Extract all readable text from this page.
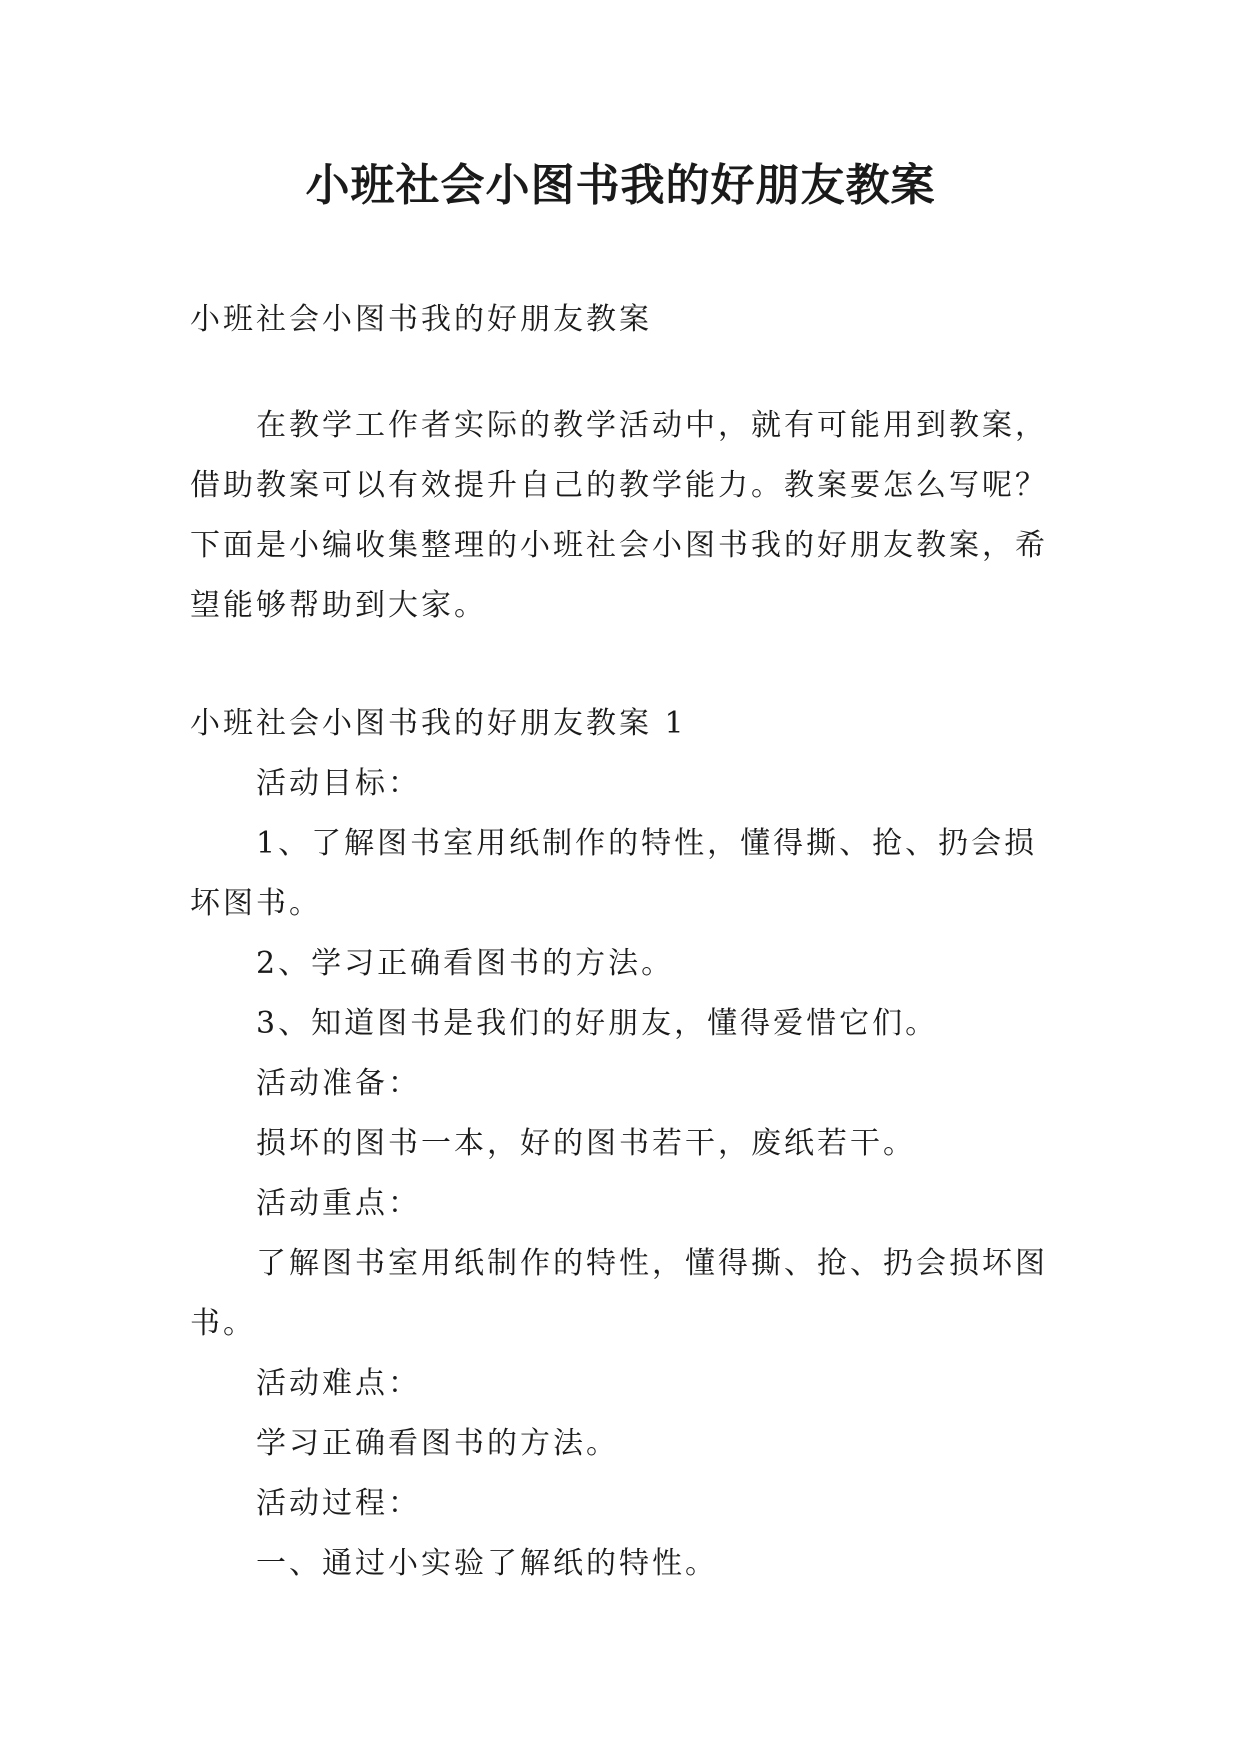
小班社会小图书我的好朋友教案

小班社会小图书我的好朋友教案

在教学工作者实际的教学活动中，就有可能用到教案，借助教案可以有效提升自己的教学能力。教案要怎么写呢？下面是小编收集整理的小班社会小图书我的好朋友教案，希望能够帮助到大家。

小班社会小图书我的好朋友教案 1

活动目标：

1、了解图书室用纸制作的特性，懂得撕、抢、扔会损坏图书。

2、学习正确看图书的方法。

3、知道图书是我们的好朋友，懂得爱惜它们。

活动准备：

损坏的图书一本，好的图书若干，废纸若干。

活动重点：

了解图书室用纸制作的特性，懂得撕、抢、扔会损坏图书。

活动难点：

学习正确看图书的方法。

活动过程：

一、通过小实验了解纸的特性。
